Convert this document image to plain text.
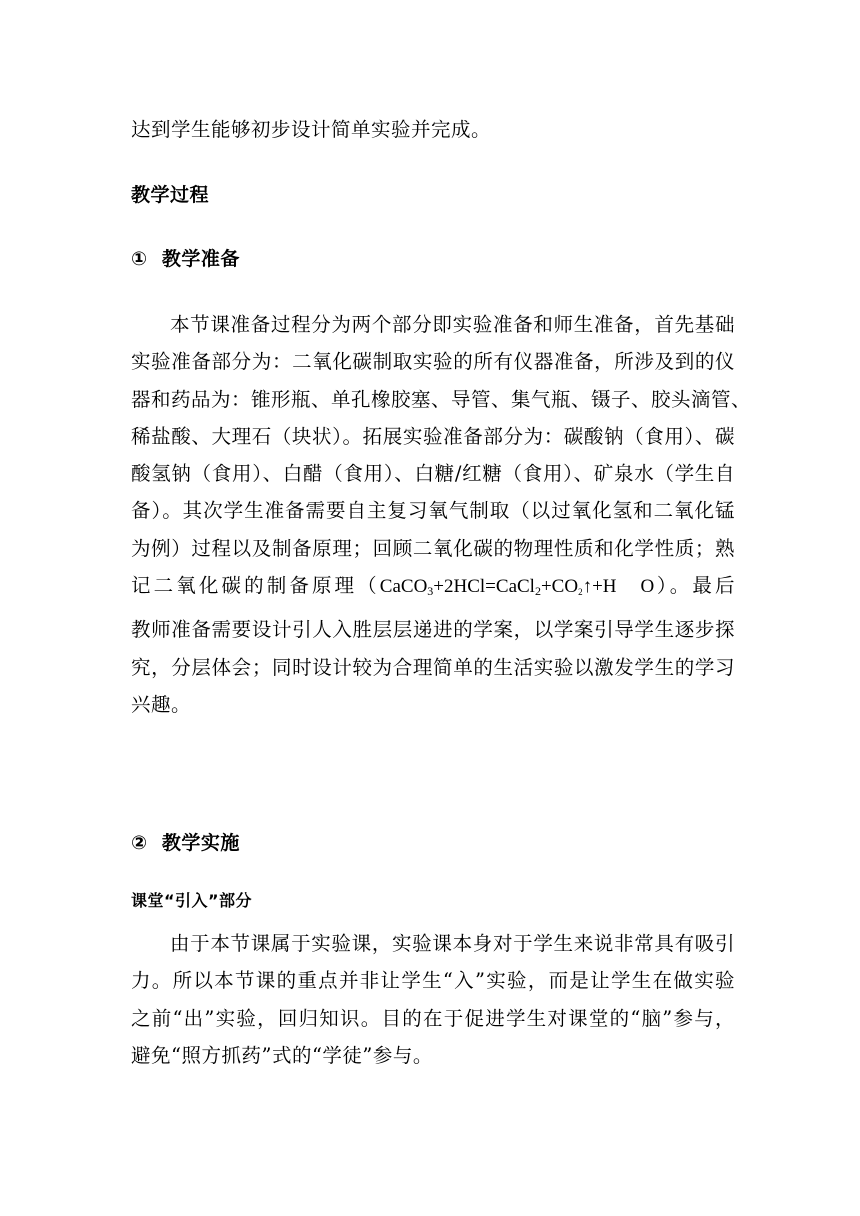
达到学生能够初步设计简单实验并完成。

教学过程

① 教学准备

本节课准备过程分为两个部分即实验准备和师生准备，首先基础

实验准备部分为：二氧化碳制取实验的所有仪器准备，所涉及到的仪

器和药品为：锥形瓶、单孔橡胶塞、导管、集气瓶、镊子、胶头滴管、

稀盐酸、大理石（块状）。拓展实验准备部分为：碳酸钠（食用）、碳

酸氢钠（食用）、白醋（食用）、白糖/红糖（食用）、矿泉水（学生自

备）。其次学生准备需要自主复习氧气制取（以过氧化氢和二氧化锰

为例）过程以及制备原理；回顾二氧化碳的物理性质和化学性质；熟

记二氧化碳的制备原理（$CaCO_3+2HCl=CaCl_2+CO_2↑+H$ O）。最后

教师准备需要设计引人入胜层层递进的学案，以学案引导学生逐步探

究，分层体会；同时设计较为合理简单的生活实验以激发学生的学习

兴趣。

② 教学实施

课堂“引入”部分

由于本节课属于实验课，实验课本身对于学生来说非常具有吸引

力。所以本节课的重点并非让学生“入”实验，而是让学生在做实验

之前“出”实验，回归知识。目的在于促进学生对课堂的“脑”参与，

避免“照方抓药”式的“学徒”参与。
